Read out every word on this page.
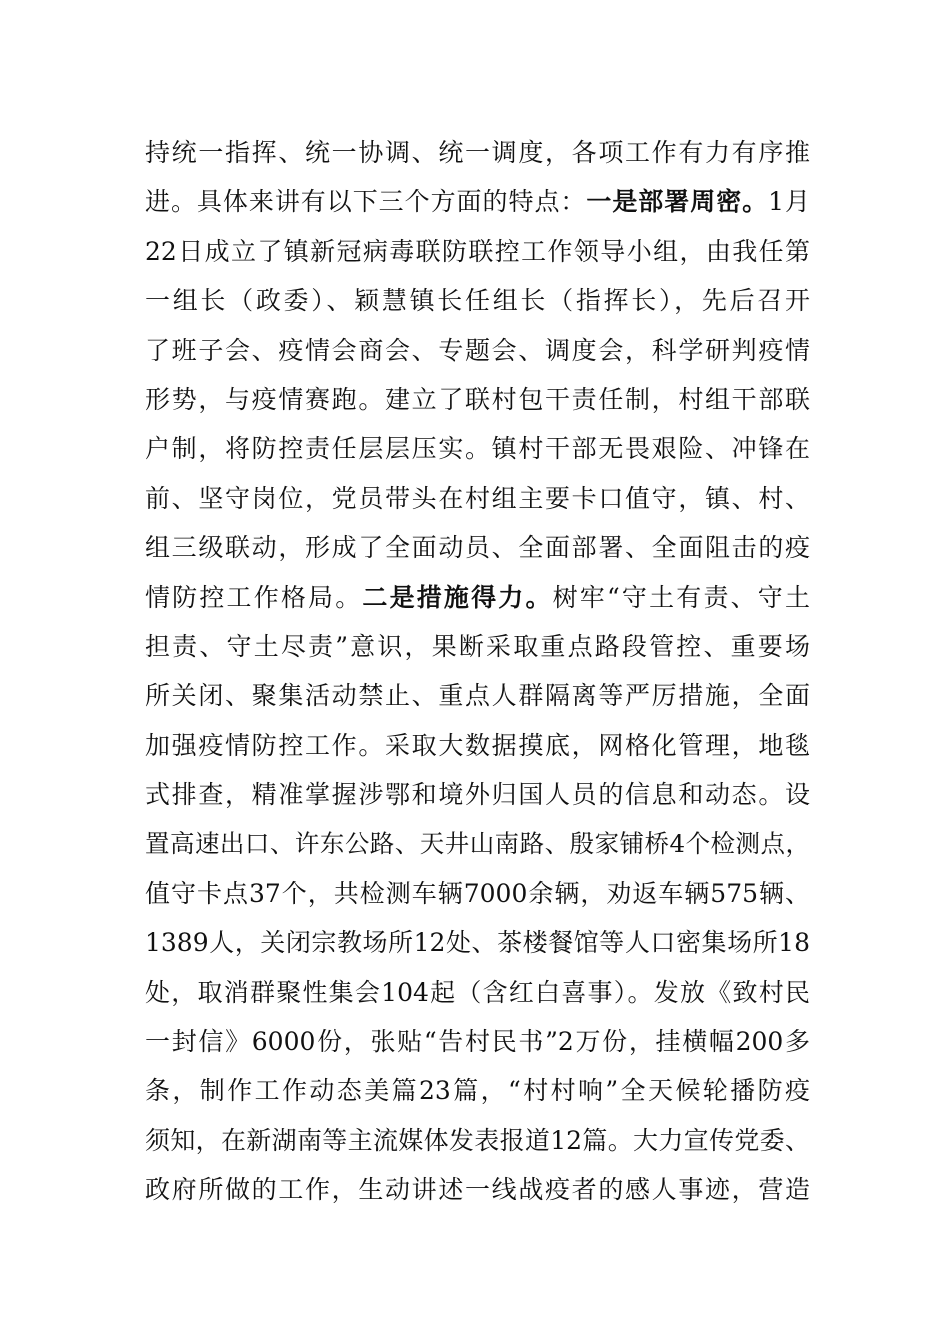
持统一指挥、统一协调、统一调度，各项工作有力有序推
进。具体来讲有以下三个方面的特点：一是部署周密。1月
22日成立了镇新冠病毒联防联控工作领导小组，由我任第
一组长（政委）、颖慧镇长任组长（指挥长），先后召开
了班子会、疫情会商会、专题会、调度会，科学研判疫情
形势，与疫情赛跑。建立了联村包干责任制，村组干部联
户制，将防控责任层层压实。镇村干部无畏艰险、冲锋在
前、坚守岗位，党员带头在村组主要卡口值守，镇、村、
组三级联动，形成了全面动员、全面部署、全面阻击的疫
情防控工作格局。二是措施得力。树牢“守土有责、守土
担责、守土尽责”意识，果断采取重点路段管控、重要场
所关闭、聚集活动禁止、重点人群隔离等严厉措施，全面
加强疫情防控工作。采取大数据摸底，网格化管理，地毯
式排查，精准掌握涉鄂和境外归国人员的信息和动态。设
置高速出口、许东公路、天井山南路、殷家铺桥4个检测点，
值守卡点37个，共检测车辆7000余辆，劝返车辆575辆、
1389人，关闭宗教场所12处、茶楼餐馆等人口密集场所18
处，取消群聚性集会104起（含红白喜事）。发放《致村民
一封信》6000份，张贴“告村民书”2万份，挂横幅200多
条，制作工作动态美篇23篇，“村村响”全天候轮播防疫
须知，在新湖南等主流媒体发表报道12篇。大力宣传党委、
政府所做的工作，生动讲述一线战疫者的感人事迹，营造
